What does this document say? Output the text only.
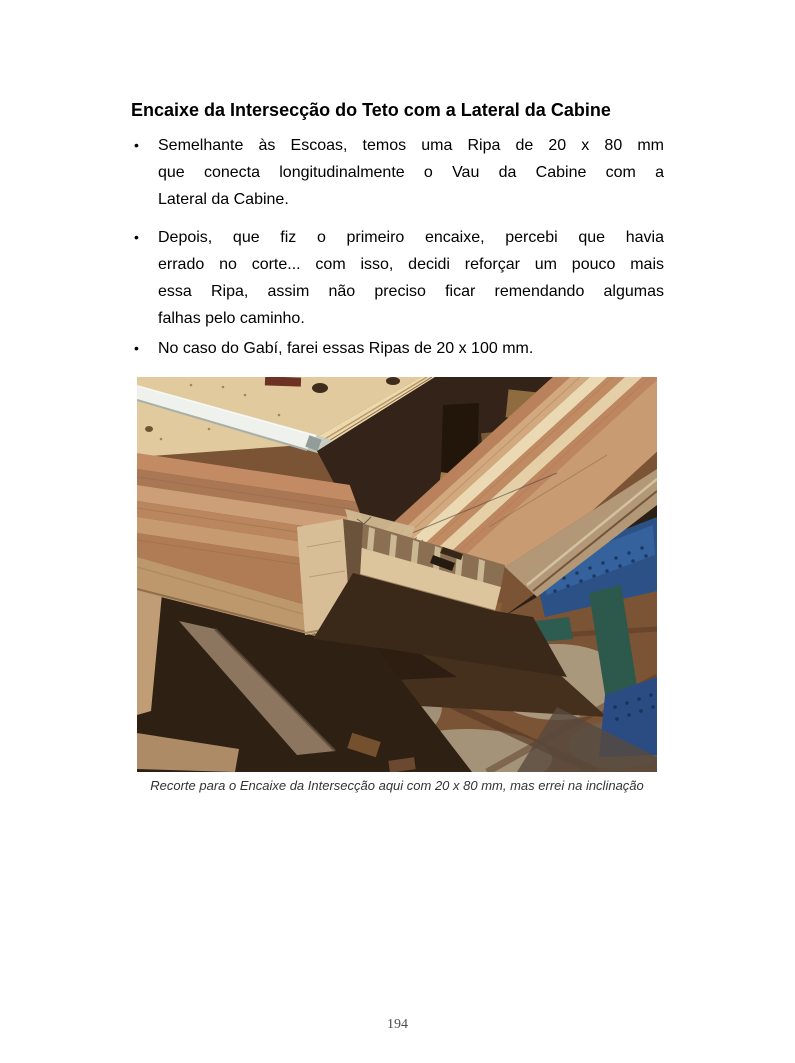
Encaixe da Intersecção do Teto com a Lateral da Cabine
• Semelhante às Escoas, temos uma Ripa de 20 x 80 mm
que conecta longitudinalmente o Vau da Cabine com a
Lateral da Cabine.
• Depois, que fiz o primeiro encaixe, percebi que havia
errado no corte... com isso, decidi reforçar um pouco mais
essa Ripa, assim não preciso ficar remendando algumas
falhas pelo caminho.
• No caso do Gabí, farei essas Ripas de 20 x 100 mm.
Recorte para o Encaixe da Intersecção aqui com 20 x 80 mm, mas errei na inclinação
194
